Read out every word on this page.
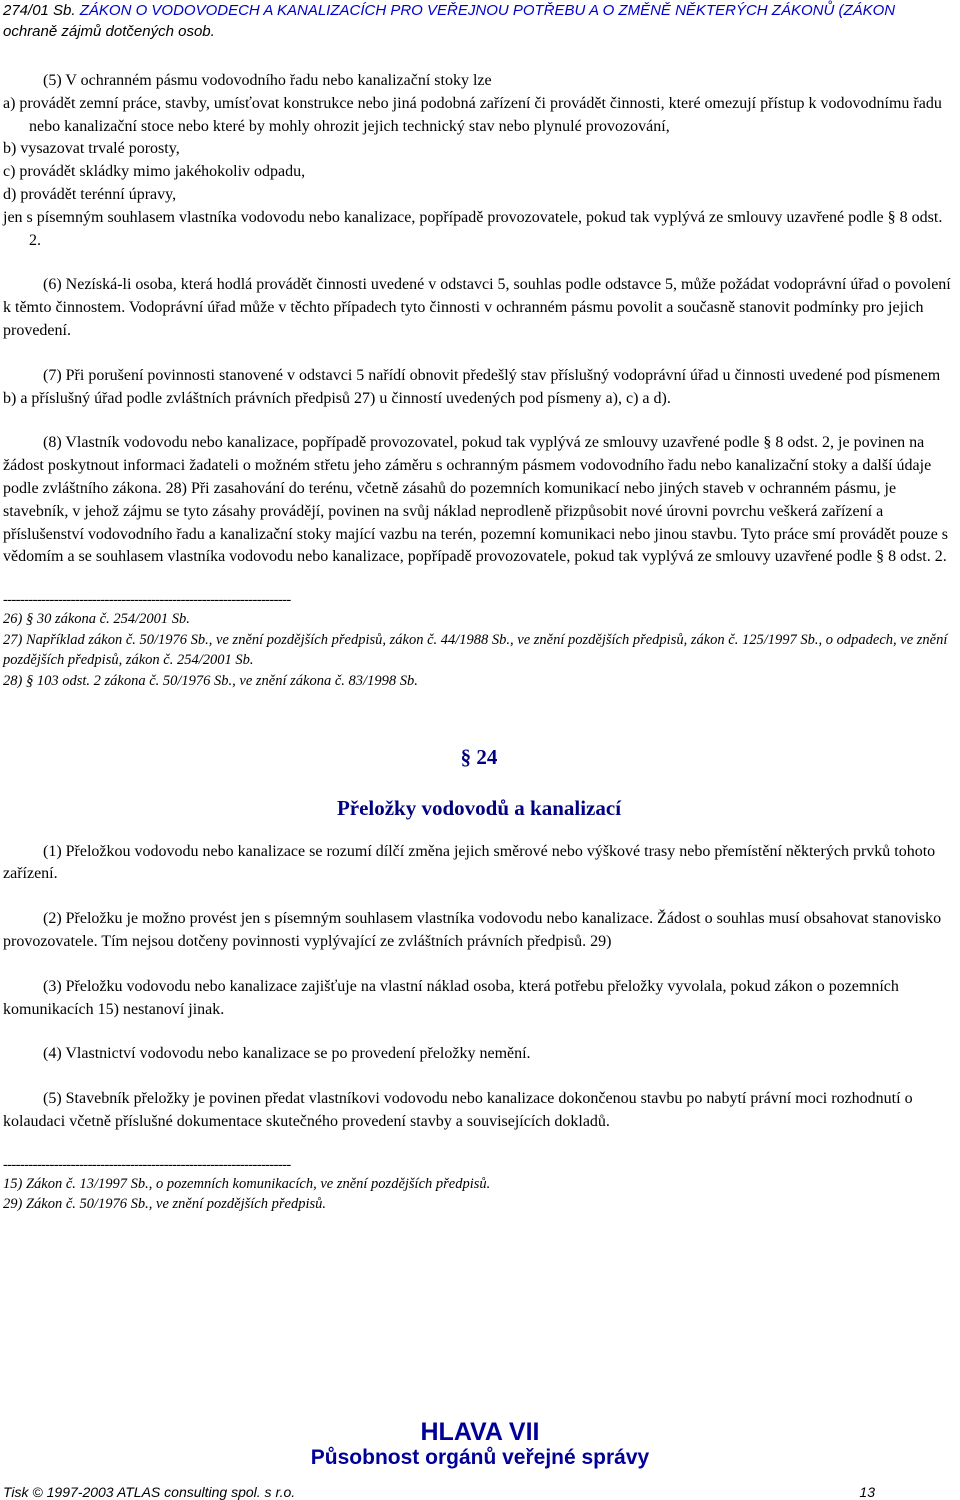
274/01 Sb. ZÁKON O VODOVODECH A KANALIZACÍCH PRO VEŘEJNOU POTŘEBU A O ZMĚNĚ NĚKTERÝCH ZÁKONŮ (ZÁKON
ochraně zájmů dotčených osob.

(5) V ochranném pásmu vodovodního řadu nebo kanalizační stoky lze

a) provádět zemní práce, stavby, umísťovat konstrukce nebo jiná podobná zařízení či provádět činnosti, které omezují přístup k vodovodnímu řadu nebo kanalizační stoce nebo které by mohly ohrozit jejich technický stav nebo plynulé provozování,

b) vysazovat trvalé porosty,

c) provádět skládky mimo jakéhokoliv odpadu,

d) provádět terénní úpravy,

jen s písemným souhlasem vlastníka vodovodu nebo kanalizace, popřípadě provozovatele, pokud tak vyplývá ze smlouvy uzavřené podle § 8 odst. 2.

(6) Nezíská-li osoba, která hodlá provádět činnosti uvedené v odstavci 5, souhlas podle odstavce 5, může požádat vodoprávní úřad o povolení k těmto činnostem. Vodoprávní úřad může v těchto případech tyto činnosti v ochranném pásmu povolit a současně stanovit podmínky pro jejich provedení.

(7) Při porušení povinnosti stanovené v odstavci 5 nařídí obnovit předešlý stav příslušný vodoprávní úřad u činnosti uvedené pod písmenem b) a příslušný úřad podle zvláštních právních předpisů 27) u činností uvedených pod písmeny a), c) a d).

(8) Vlastník vodovodu nebo kanalizace, popřípadě provozovatel, pokud tak vyplývá ze smlouvy uzavřené podle § 8 odst. 2, je povinen na žádost poskytnout informaci žadateli o možném střetu jeho záměru s ochranným pásmem vodovodního řadu nebo kanalizační stoky a další údaje podle zvláštního zákona. 28) Při zasahování do terénu, včetně zásahů do pozemních komunikací nebo jiných staveb v ochranném pásmu, je stavebník, v jehož zájmu se tyto zásahy provádějí, povinen na svůj náklad neprodleně přizpůsobit nové úrovni povrchu veškerá zařízení a příslušenství vodovodního řadu a kanalizační stoky mající vazbu na terén, pozemní komunikaci nebo jinou stavbu. Tyto práce smí provádět pouze s vědomím a se souhlasem vlastníka vodovodu nebo kanalizace, popřípadě provozovatele, pokud tak vyplývá ze smlouvy uzavřené podle § 8 odst. 2.

--------------------------------------------------------------------

26) § 30 zákona č. 254/2001 Sb.

27) Například zákon č. 50/1976 Sb., ve znění pozdějších předpisů, zákon č. 44/1988 Sb., ve znění pozdějších předpisů, zákon č. 125/1997 Sb., o odpadech, ve znění pozdějších předpisů, zákon č. 254/2001 Sb.

28) § 103 odst. 2 zákona č. 50/1976 Sb., ve znění zákona č. 83/1998 Sb.

§ 24
Přeložky vodovodů a kanalizací

(1) Přeložkou vodovodu nebo kanalizace se rozumí dílčí změna jejich směrové nebo výškové trasy nebo přemístění některých prvků tohoto zařízení.

(2) Přeložku je možno provést jen s písemným souhlasem vlastníka vodovodu nebo kanalizace. Žádost o souhlas musí obsahovat stanovisko provozovatele. Tím nejsou dotčeny povinnosti vyplývající ze zvláštních právních předpisů. 29)

(3) Přeložku vodovodu nebo kanalizace zajišťuje na vlastní náklad osoba, která potřebu přeložky vyvolala, pokud zákon o pozemních komunikacích 15) nestanoví jinak.

(4) Vlastnictví vodovodu nebo kanalizace se po provedení přeložky nemění.

(5) Stavebník přeložky je povinen předat vlastníkovi vodovodu nebo kanalizace dokončenou stavbu po nabytí právní moci rozhodnutí o kolaudaci včetně příslušné dokumentace skutečného provedení stavby a souvisejících dokladů.

--------------------------------------------------------------------

15) Zákon č. 13/1997 Sb., o pozemních komunikacích, ve znění pozdějších předpisů.

29) Zákon č. 50/1976 Sb., ve znění pozdějších předpisů.

HLAVA VII
Působnost orgánů veřejné správy
Tisk © 1997-2003 ATLAS consulting spol. s r.o.	13
